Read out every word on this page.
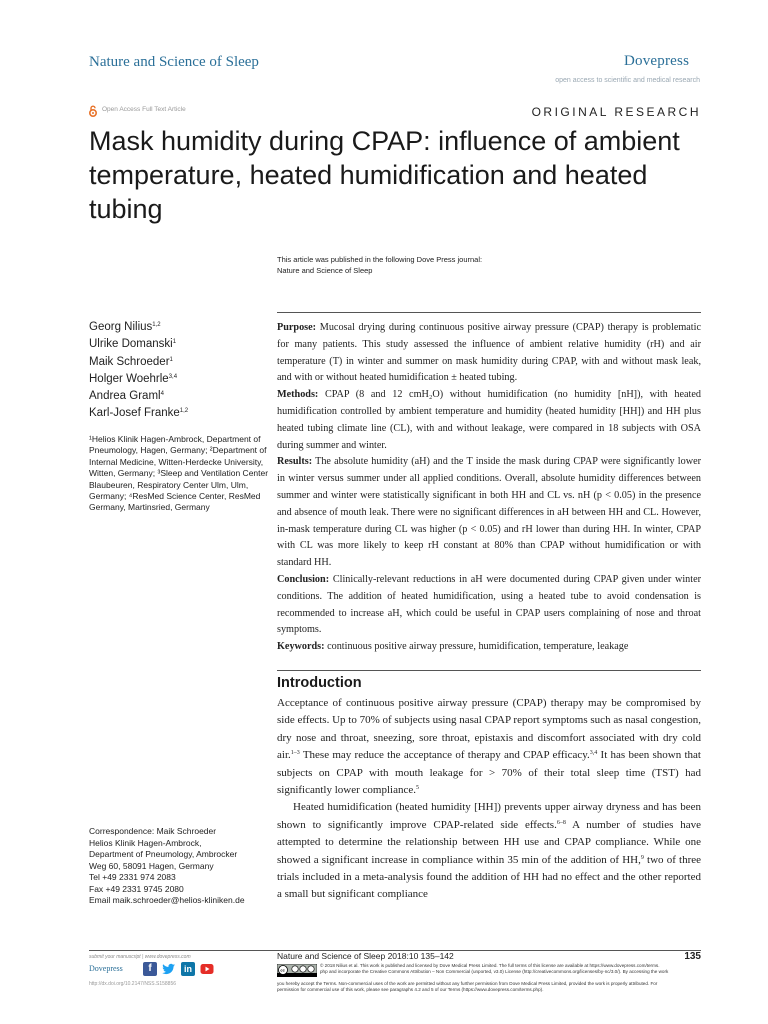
Nature and Science of Sleep	Dovepress
open access to scientific and medical research
Open Access Full Text Article	ORIGINAL RESEARCH
Mask humidity during CPAP: influence of ambient temperature, heated humidification and heated tubing
This article was published in the following Dove Press journal:
Nature and Science of Sleep
Georg Nilius$^{1,2}$
Ulrike Domanski$^1$
Maik Schroeder$^1$
Holger Woehrle$^{3,4}$
Andrea Graml$^4$
Karl-Josef Franke$^{1,2}$
¹Helios Klinik Hagen-Ambrock, Department of Pneumology, Hagen, Germany; ²Department of Internal Medicine, Witten-Herdecke University, Witten, Germany; ³Sleep and Ventilation Center Blaubeuren, Respiratory Center Ulm, Ulm, Germany; ⁴ResMed Science Center, ResMed Germany, Martinsried, Germany
Correspondence: Maik Schroeder
Helios Klinik Hagen-Ambrock,
Department of Pneumology, Ambrocker
Weg 60, 58091 Hagen, Germany
Tel +49 2331 974 2083
Fax +49 2331 9745 2080
Email maik.schroeder@helios-kliniken.de

Purpose: Mucosal drying during continuous positive airway pressure (CPAP) therapy is problematic for many patients. This study assessed the influence of ambient relative humidity (rH) and air temperature (T) in winter and summer on mask humidity during CPAP, with and without mask leak, and with or without heated humidification ± heated tubing.

Methods: CPAP (8 and 12 cmH₂O) without humidification (no humidity [nH]), with heated humidification controlled by ambient temperature and humidity (heated humidity [HH]) and HH plus heated tubing climate line (CL), with and without leakage, were compared in 18 subjects with OSA during summer and winter.

Results: The absolute humidity (aH) and the T inside the mask during CPAP were significantly lower in winter versus summer under all applied conditions. Overall, absolute humidity differences between summer and winter were statistically significant in both HH and CL vs. nH (p < 0.05) in the presence and absence of mouth leak. There were no significant differences in aH between HH and CL. However, in-mask temperature during CL was higher (p < 0.05) and rH lower than during HH. In winter, CPAP with CL was more likely to keep rH constant at 80% than CPAP without humidification or with standard HH.

Conclusion: Clinically-relevant reductions in aH were documented during CPAP given under winter conditions. The addition of heated humidification, using a heated tube to avoid condensation is recommended to increase aH, which could be useful in CPAP users complaining of nose and throat symptoms.

Keywords: continuous positive airway pressure, humidification, temperature, leakage

Introduction

Acceptance of continuous positive airway pressure (CPAP) therapy may be compromised by side effects. Up to 70% of subjects using nasal CPAP report symptoms such as nasal congestion, dry nose and throat, sneezing, sore throat, epistaxis and discomfort associated with dry cold air.$^{1-3}$ These may reduce the acceptance of therapy and CPAP efficacy.$^{3,4}$ It has been shown that subjects on CPAP with mouth leakage for > 70% of their total sleep time (TST) had significantly lower compliance.$^5$

Heated humidification (heated humidity [HH]) prevents upper airway dryness and has been shown to significantly improve CPAP-related side effects.$^{6-8}$ A number of studies have attempted to determine the relationship between HH use and CPAP compliance. While one showed a significant increase in compliance within 35 min of the addition of HH,$^9$ two of three trials included in a meta-analysis found the addition of HH had no effect and the other reported a small but significant compliance

submit your manuscript | www.dovepress.com
Dovepress	f	in
http://dx.doi.org/10.2147/NSS.S158856
Nature and Science of Sleep 2018:10 135–142	135
cc
© 2018 Nilius et al. This work is published and licensed by Dove Medical Press Limited. The full terms of this license are available at https://www.dovepress.com/terms.
php and incorporate the Creative Commons Attribution – Non Commercial (unported, v3.0) License (http://creativecommons.org/licenses/by-nc/3.0/). By accessing the work
you hereby accept the Terms. Non-commercial uses of the work are permitted without any further permission from Dove Medical Press Limited, provided the work is properly attributed. For
permission for commercial use of this work, please see paragraphs 4.2 and 5 of our Terms (https://www.dovepress.com/terms.php).
